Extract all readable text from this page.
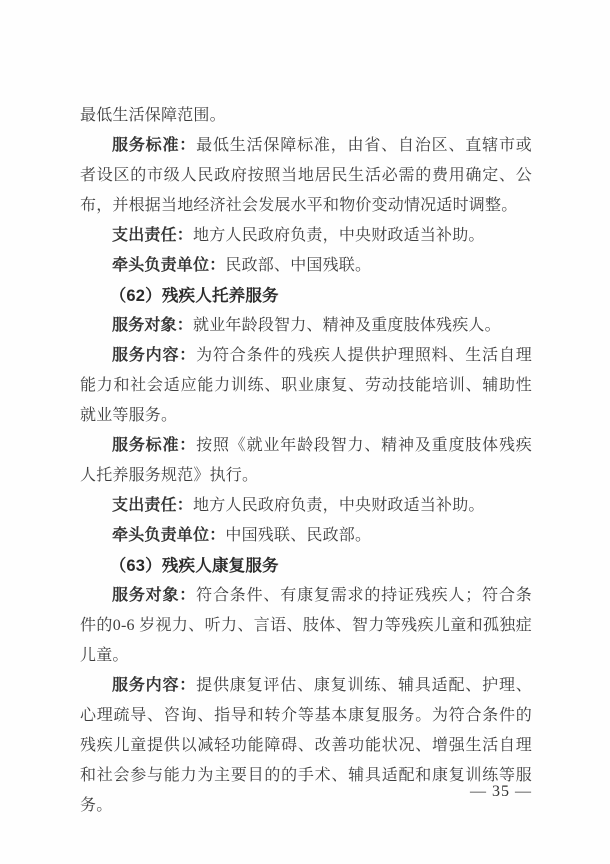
最低生活保障范围。

服务标准：最低生活保障标准，由省、自治区、直辖市或者设区的市级人民政府按照当地居民生活必需的费用确定、公布，并根据当地经济社会发展水平和物价变动情况适时调整。

支出责任：地方人民政府负责，中央财政适当补助。

牵头负责单位：民政部、中国残联。

（62）残疾人托养服务

服务对象：就业年龄段智力、精神及重度肢体残疾人。

服务内容：为符合条件的残疾人提供护理照料、生活自理能力和社会适应能力训练、职业康复、劳动技能培训、辅助性就业等服务。

服务标准：按照《就业年龄段智力、精神及重度肢体残疾人托养服务规范》执行。

支出责任：地方人民政府负责，中央财政适当补助。

牵头负责单位：中国残联、民政部。

（63）残疾人康复服务

服务对象：符合条件、有康复需求的持证残疾人；符合条件的0-6 岁视力、听力、言语、肢体、智力等残疾儿童和孤独症儿童。

服务内容：提供康复评估、康复训练、辅具适配、护理、心理疏导、咨询、指导和转介等基本康复服务。为符合条件的残疾儿童提供以减轻功能障碍、改善功能状况、增强生活自理和社会参与能力为主要目的的手术、辅具适配和康复训练等服务。

— 35 —
